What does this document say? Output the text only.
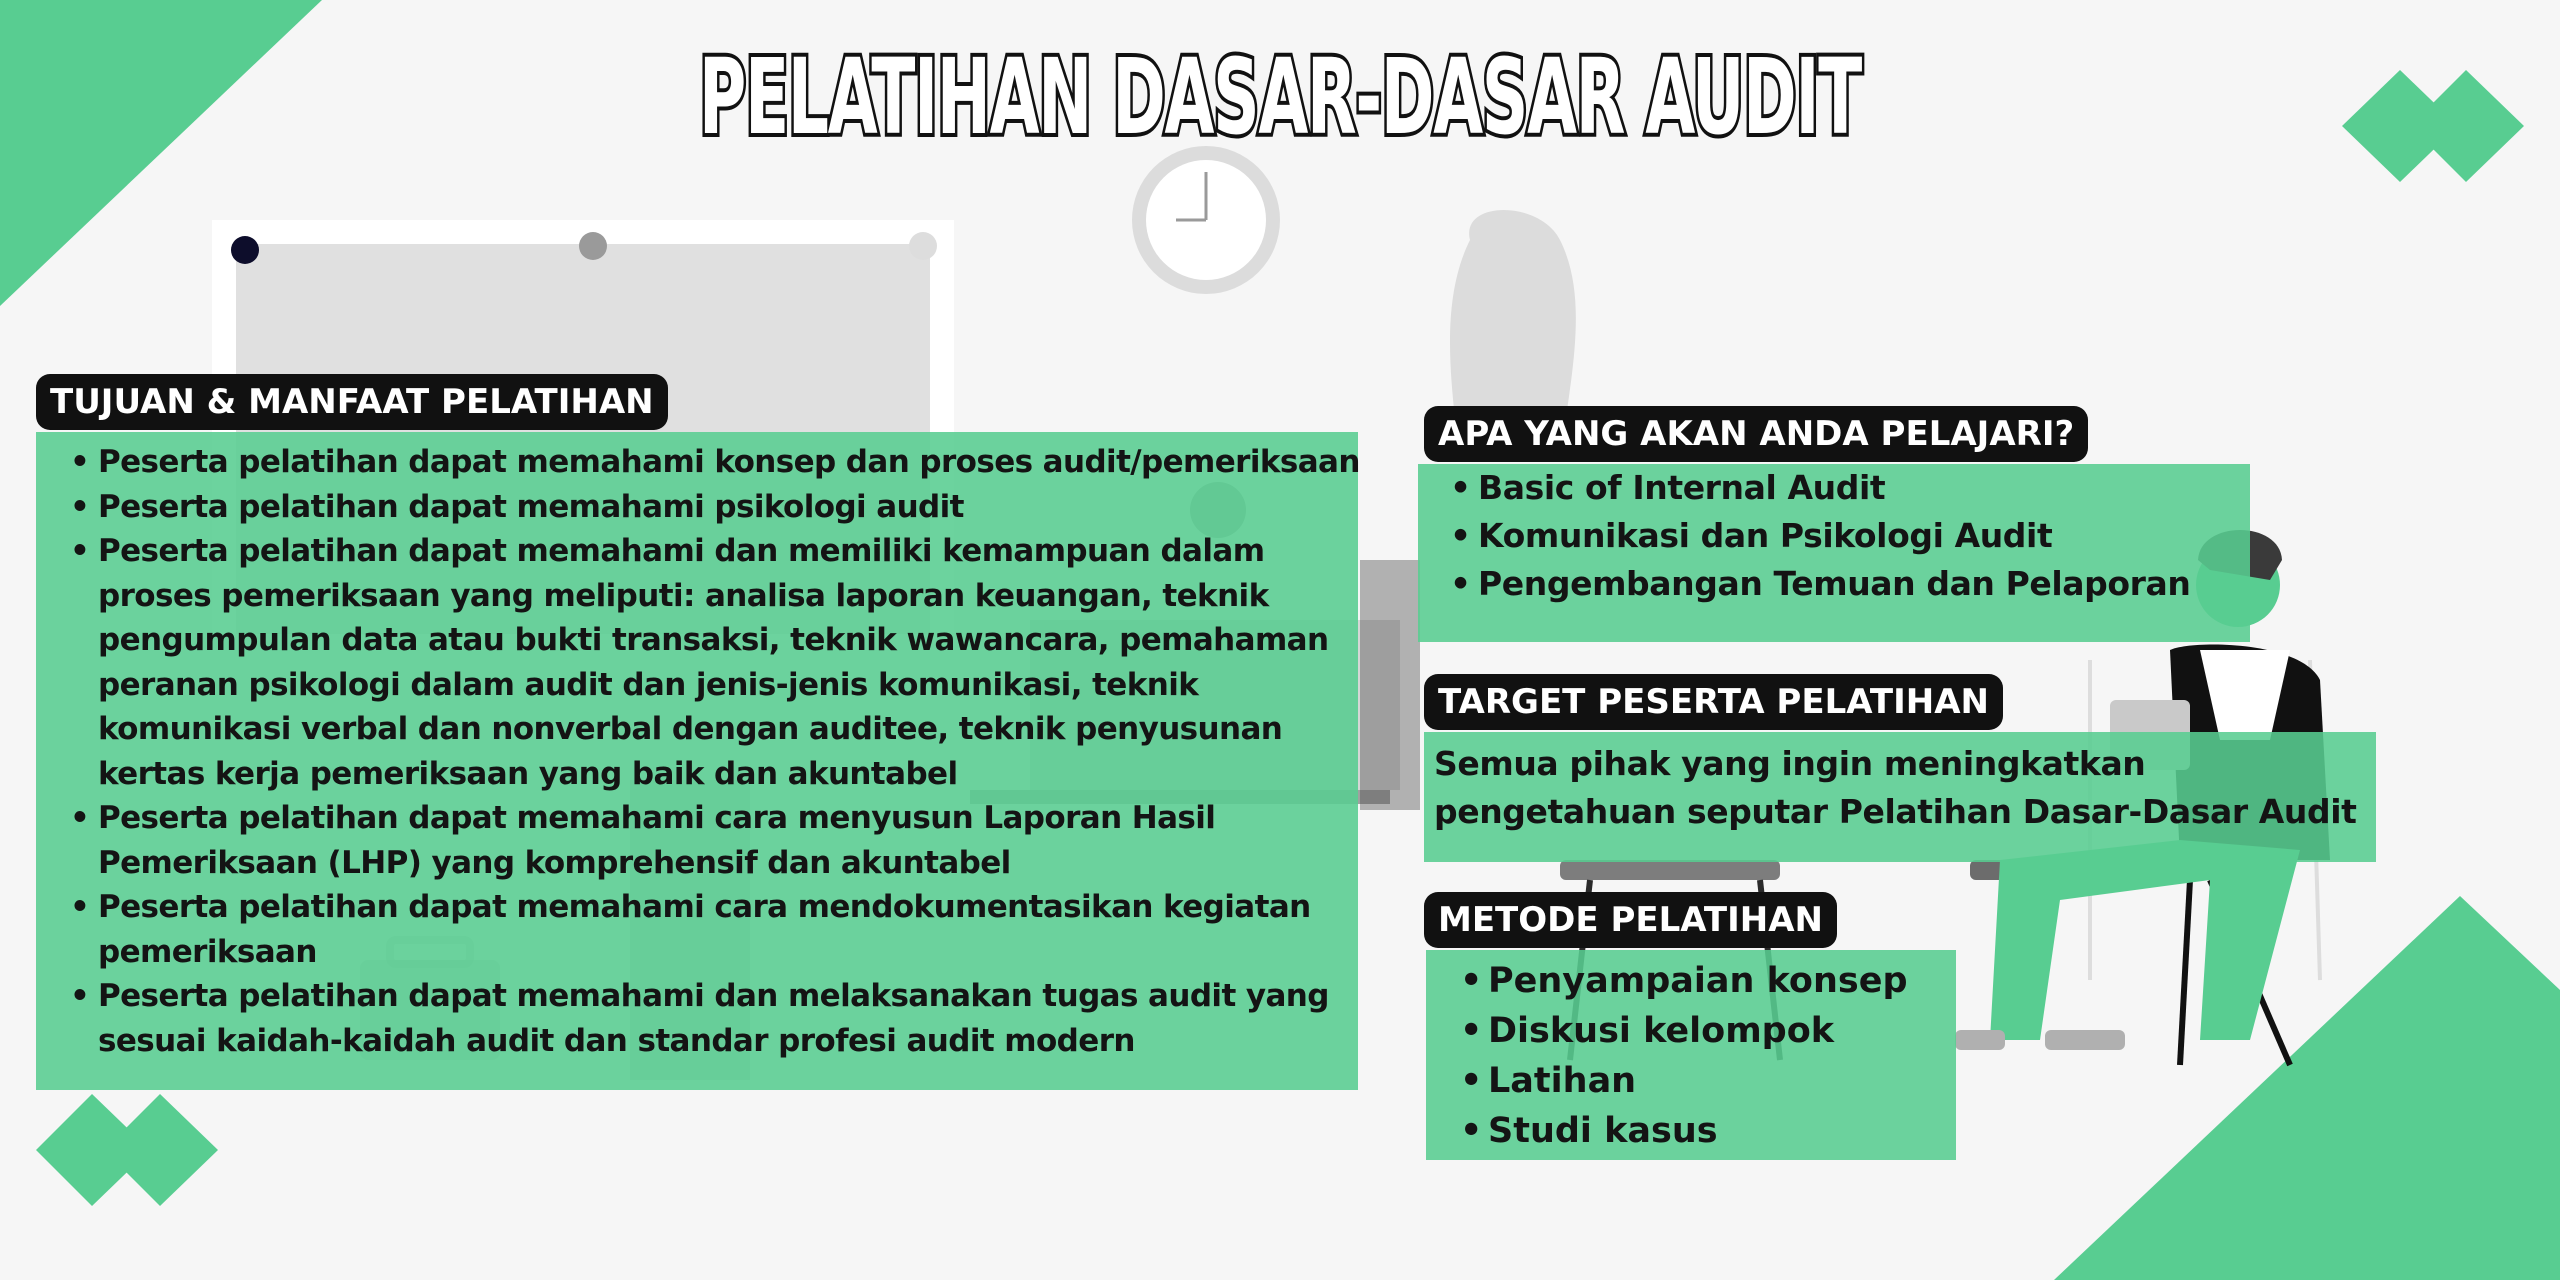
PELATIHAN DASAR-DASAR AUDIT
TUJUAN & MANFAAT PELATIHAN
• Peserta pelatihan dapat memahami konsep dan proses audit/pemeriksaan
• Peserta pelatihan dapat memahami psikologi audit
• Peserta pelatihan dapat memahami dan memiliki kemampuan dalam proses pemeriksaan yang meliputi: analisa laporan keuangan, teknik pengumpulan data atau bukti transaksi, teknik wawancara, pemahaman peranan psikologi dalam audit dan jenis-jenis komunikasi, teknik komunikasi verbal dan nonverbal dengan auditee, teknik penyusunan kertas kerja pemeriksaan yang baik dan akuntabel
• Peserta pelatihan dapat memahami cara menyusun Laporan Hasil Pemeriksaan (LHP) yang komprehensif dan akuntabel
• Peserta pelatihan dapat memahami cara mendokumentasikan kegiatan pemeriksaan
• Peserta pelatihan dapat memahami dan melaksanakan tugas audit yang sesuai kaidah-kaidah audit dan standar profesi audit modern
APA YANG AKAN ANDA PELAJARI?
• Basic of Internal Audit
• Komunikasi dan Psikologi Audit
• Pengembangan Temuan dan Pelaporan
TARGET PESERTA PELATIHAN

Semua pihak yang ingin meningkatkan

pengetahuan seputar Pelatihan Dasar-Dasar Audit

METODE PELATIHAN
• Penyampaian konsep
• Diskusi kelompok
• Latihan
• Studi kasus
